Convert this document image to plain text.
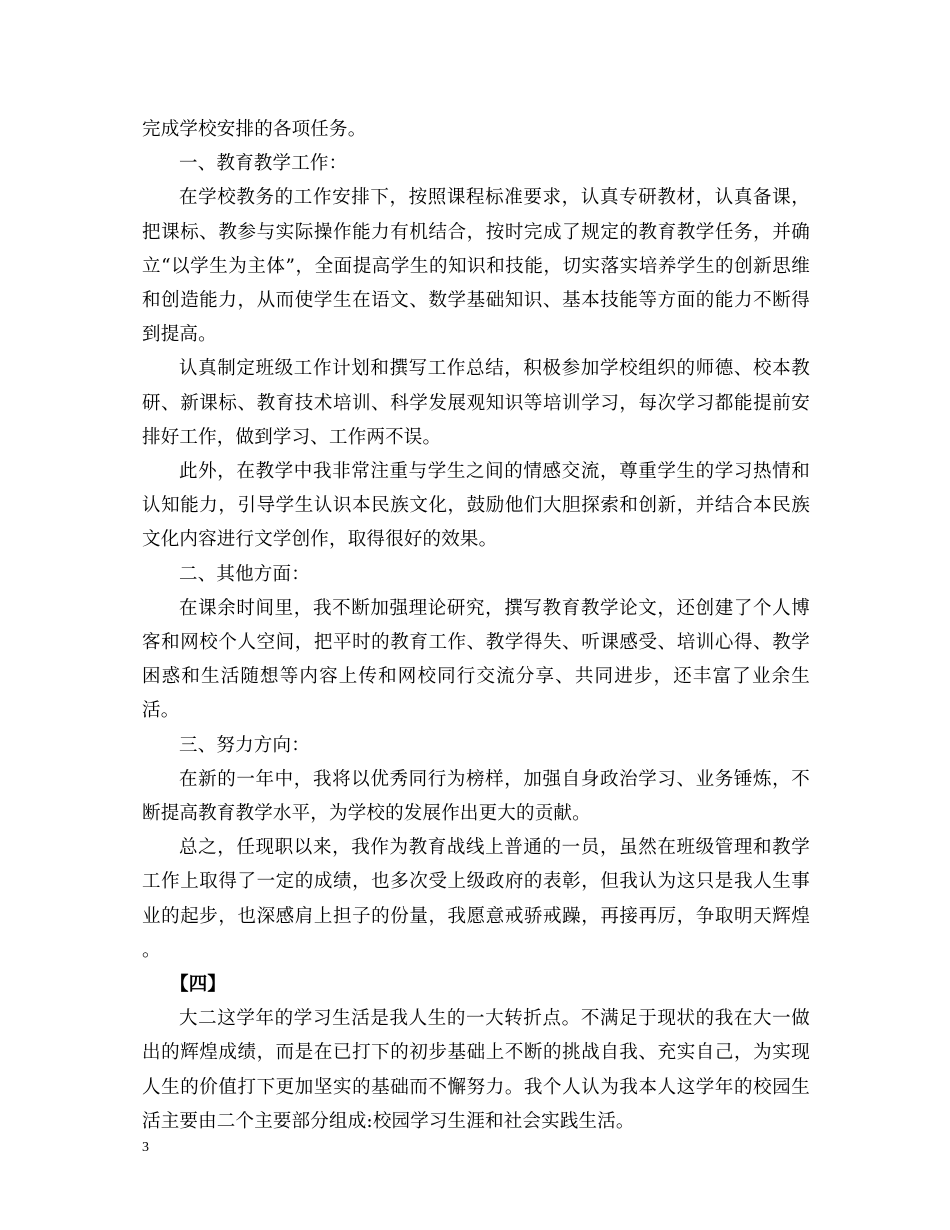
完成学校安排的各项任务。

一、教育教学工作：

在学校教务的工作安排下，按照课程标准要求，认真专研教材，认真备课，把课标、教参与实际操作能力有机结合，按时完成了规定的教育教学任务，并确立“以学生为主体”，全面提高学生的知识和技能，切实落实培养学生的创新思维和创造能力，从而使学生在语文、数学基础知识、基本技能等方面的能力不断得到提高。

认真制定班级工作计划和撰写工作总结，积极参加学校组织的师德、校本教研、新课标、教育技术培训、科学发展观知识等培训学习，每次学习都能提前安排好工作，做到学习、工作两不误。

此外，在教学中我非常注重与学生之间的情感交流，尊重学生的学习热情和认知能力，引导学生认识本民族文化，鼓励他们大胆探索和创新，并结合本民族文化内容进行文学创作，取得很好的效果。

二、其他方面：

在课余时间里，我不断加强理论研究，撰写教育教学论文，还创建了个人博客和网校个人空间，把平时的教育工作、教学得失、听课感受、培训心得、教学困惑和生活随想等内容上传和网校同行交流分享、共同进步，还丰富了业余生活。

三、努力方向：

在新的一年中，我将以优秀同行为榜样，加强自身政治学习、业务锤炼，不断提高教育教学水平，为学校的发展作出更大的贡献。

总之，任现职以来，我作为教育战线上普通的一员，虽然在班级管理和教学工作上取得了一定的成绩，也多次受上级政府的表彰，但我认为这只是我人生事业的起步，也深感肩上担子的份量，我愿意戒骄戒躁，再接再厉，争取明天辉煌 。

【四】

大二这学年的学习生活是我人生的一大转折点。不满足于现状的我在大一做出的辉煌成绩，而是在已打下的初步基础上不断的挑战自我、充实自己，为实现人生的价值打下更加坚实的基础而不懈努力。我个人认为我本人这学年的校园生活主要由二个主要部分组成:校园学习生涯和社会实践生活。

3
